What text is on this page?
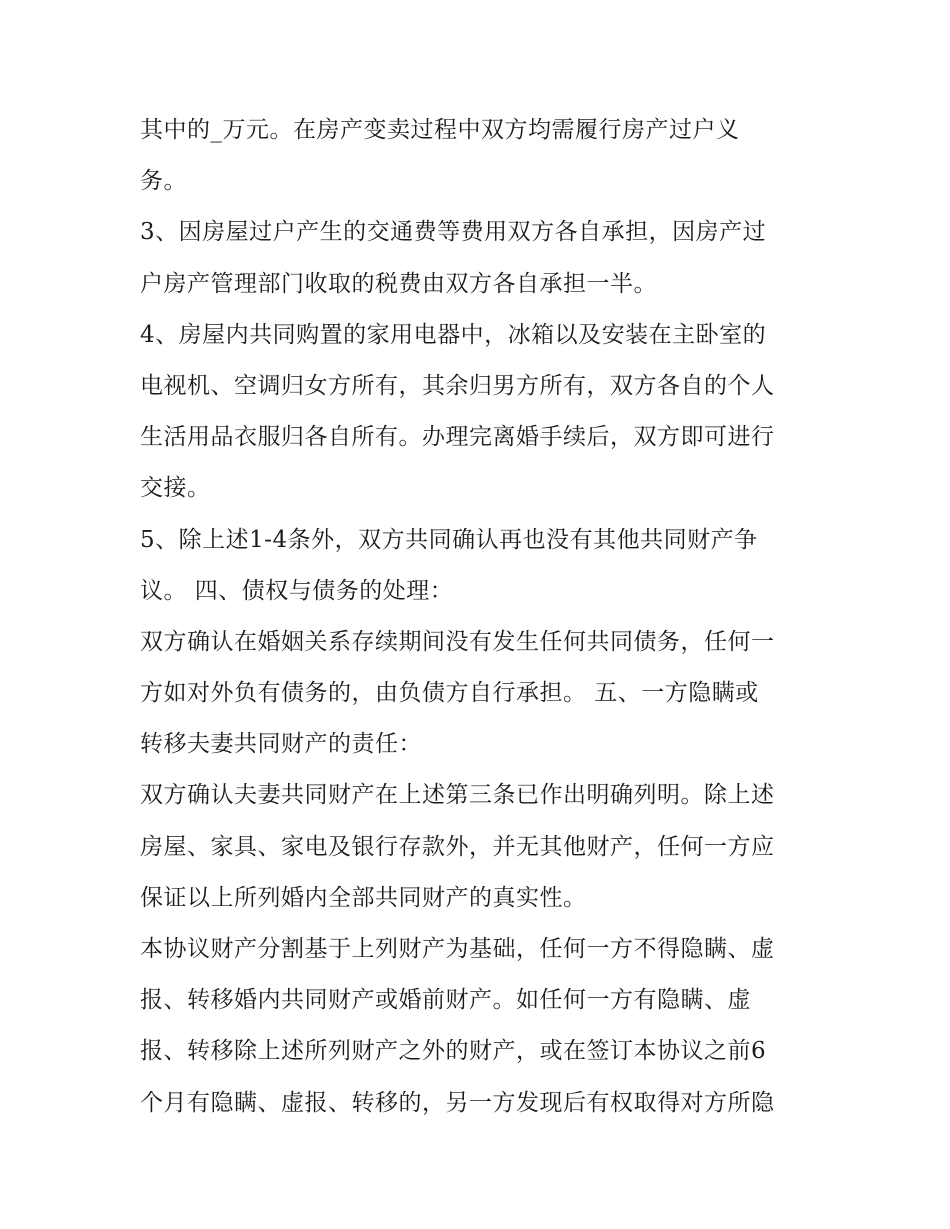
其中的_万元。在房产变卖过程中双方均需履行房产过户义
务。
3、因房屋过户产生的交通费等费用双方各自承担，因房产过
户房产管理部门收取的税费由双方各自承担一半。
4、房屋内共同购置的家用电器中，冰箱以及安装在主卧室的
电视机、空调归女方所有，其余归男方所有，双方各自的个人
生活用品衣服归各自所有。办理完离婚手续后，双方即可进行
交接。
5、除上述1-4条外，双方共同确认再也没有其他共同财产争
议。 四、债权与债务的处理：
双方确认在婚姻关系存续期间没有发生任何共同债务，任何一
方如对外负有债务的，由负债方自行承担。 五、一方隐瞒或
转移夫妻共同财产的责任：
双方确认夫妻共同财产在上述第三条已作出明确列明。除上述
房屋、家具、家电及银行存款外，并无其他财产，任何一方应
保证以上所列婚内全部共同财产的真实性。
本协议财产分割基于上列财产为基础，任何一方不得隐瞒、虚
报、转移婚内共同财产或婚前财产。如任何一方有隐瞒、虚
报、转移除上述所列财产之外的财产，或在签订本协议之前6
个月有隐瞒、虚报、转移的，另一方发现后有权取得对方所隐
